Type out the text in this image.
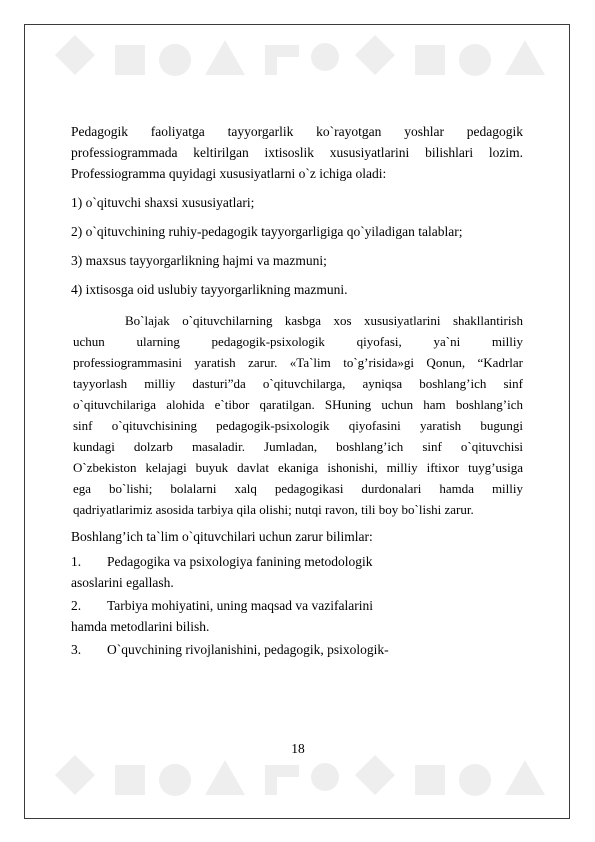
Pedagogik faoliyatga tayyorgarlik ko`rayotgan yoshlar pedagogik
professiogrammada keltirilgan ixtisoslik xususiyatlarini bilishlari lozim.
Professiogramma quyidagi xususiyatlarni o`z ichiga oladi:
1) o`qituvchi shaxsi xususiyatlari;
2) o`qituvchining ruhiy-pedagogik tayyorgarligiga qo`yiladigan talablar;
3) maxsus tayyorgarlikning hajmi va mazmuni;
4) ixtisosga oid uslubiy tayyorgarlikning mazmuni.
Bo`lajak o`qituvchilarning kasbga xos xususiyatlarini shakllantirish
uchun ularning pedagogik-psixologik qiyofasi, ya`ni milliy
professiogrammasini yaratish zarur. «Ta`lim to`g’risida»gi Qonun, “Kadrlar
tayyorlash milliy dasturi”da o`qituvchilarga, ayniqsa boshlang’ich sinf
o`qituvchilariga alohida e`tibor qaratilgan. SHuning uchun ham boshlang’ich
sinf o`qituvchisining pedagogik-psixologik qiyofasini yaratish bugungi
kundagi dolzarb masaladir. Jumladan, boshlang’ich sinf o`qituvchisi
O`zbekiston kelajagi buyuk davlat ekaniga ishonishi, milliy iftixor tuyg’usiga
ega bo`lishi; bolalarni xalq pedagogikasi durdonalari hamda milliy
qadriyatlarimiz asosida tarbiya qila olishi; nutqi ravon, tili boy bo`lishi zarur.
Boshlang’ich ta`lim o`qituvchilari uchun zarur bilimlar:
1.	Pedagogika va psixologiya fanining metodologik
asoslarini egallash.
2.	Tarbiya mohiyatini, uning maqsad va vazifalarini
hamda metodlarini bilish.
3.	O`quvchining rivojlanishini, pedagogik, psixologik-
18
